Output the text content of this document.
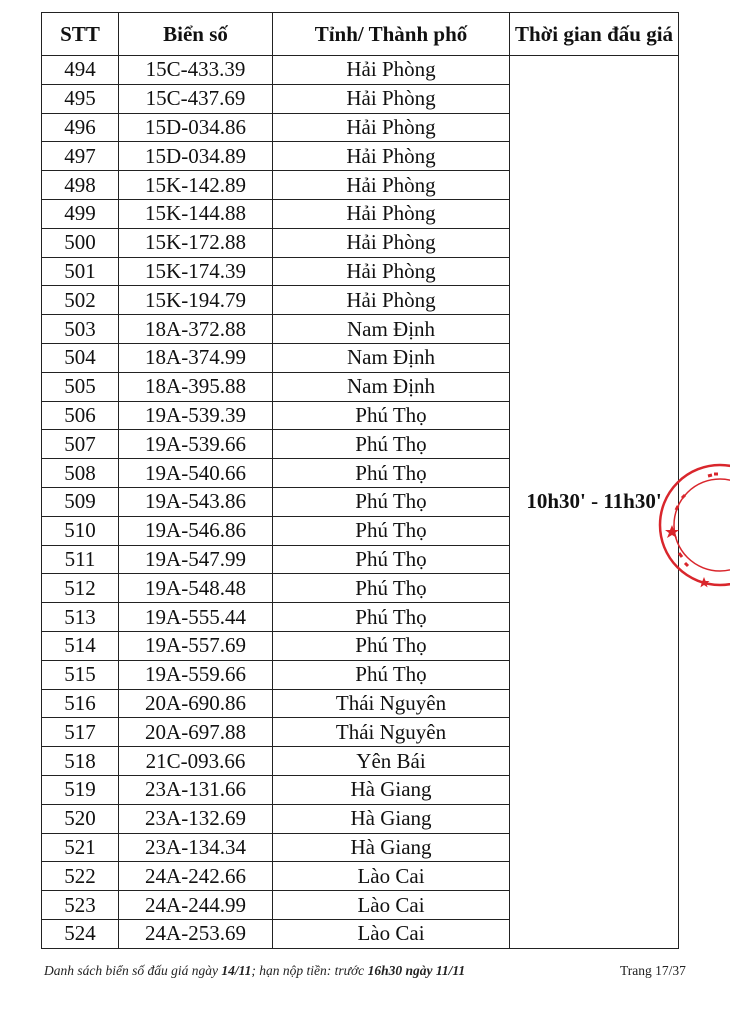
STT	Biển số	Tỉnh/ Thành phố	Thời gian đấu giá
494	15C-433.39	Hải Phòng	10h30' - 11h30'
495	15C-437.69	Hải Phòng	
496	15D-034.86	Hải Phòng	
497	15D-034.89	Hải Phòng	
498	15K-142.89	Hải Phòng	
499	15K-144.88	Hải Phòng	
500	15K-172.88	Hải Phòng	
501	15K-174.39	Hải Phòng	
502	15K-194.79	Hải Phòng	
503	18A-372.88	Nam Định	
504	18A-374.99	Nam Định	
505	18A-395.88	Nam Định	
506	19A-539.39	Phú Thọ	
507	19A-539.66	Phú Thọ	
508	19A-540.66	Phú Thọ	
509	19A-543.86	Phú Thọ	
510	19A-546.86	Phú Thọ	
511	19A-547.99	Phú Thọ	
512	19A-548.48	Phú Thọ	
513	19A-555.44	Phú Thọ	
514	19A-557.69	Phú Thọ	
515	19A-559.66	Phú Thọ	
516	20A-690.86	Thái Nguyên	
517	20A-697.88	Thái Nguyên	
518	21C-093.66	Yên Bái	
519	23A-131.66	Hà Giang	
520	23A-132.69	Hà Giang	
521	23A-134.34	Hà Giang	
522	24A-242.66	Lào Cai	
523	24A-244.99	Lào Cai	
524	24A-253.69	Lào Cai	
Danh sách biển số đấu giá ngày 14/11; hạn nộp tiền: trước 16h30 ngày 11/11	Trang 17/37
